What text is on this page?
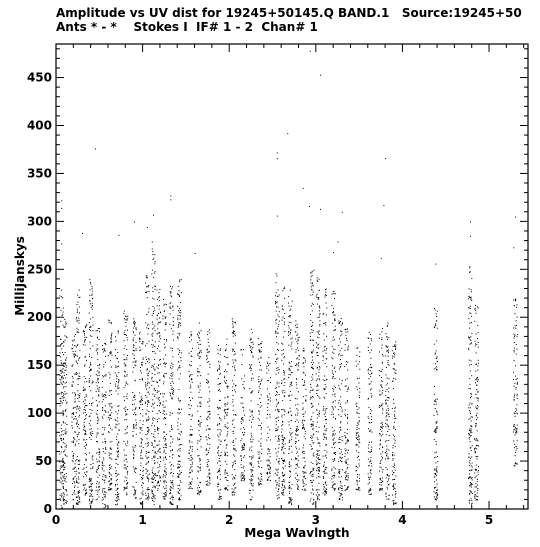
Amplitude vs UV dist for 19245+50145.Q BAND.1   Source:19245+50
Ants * - *    Stokes I  IF# 1 - 2  Chan# 1
0	1	2	3	4	5
0
50
100
150
200
250
300
350
400
450
Mega Wavlngth
MilliJanskys
